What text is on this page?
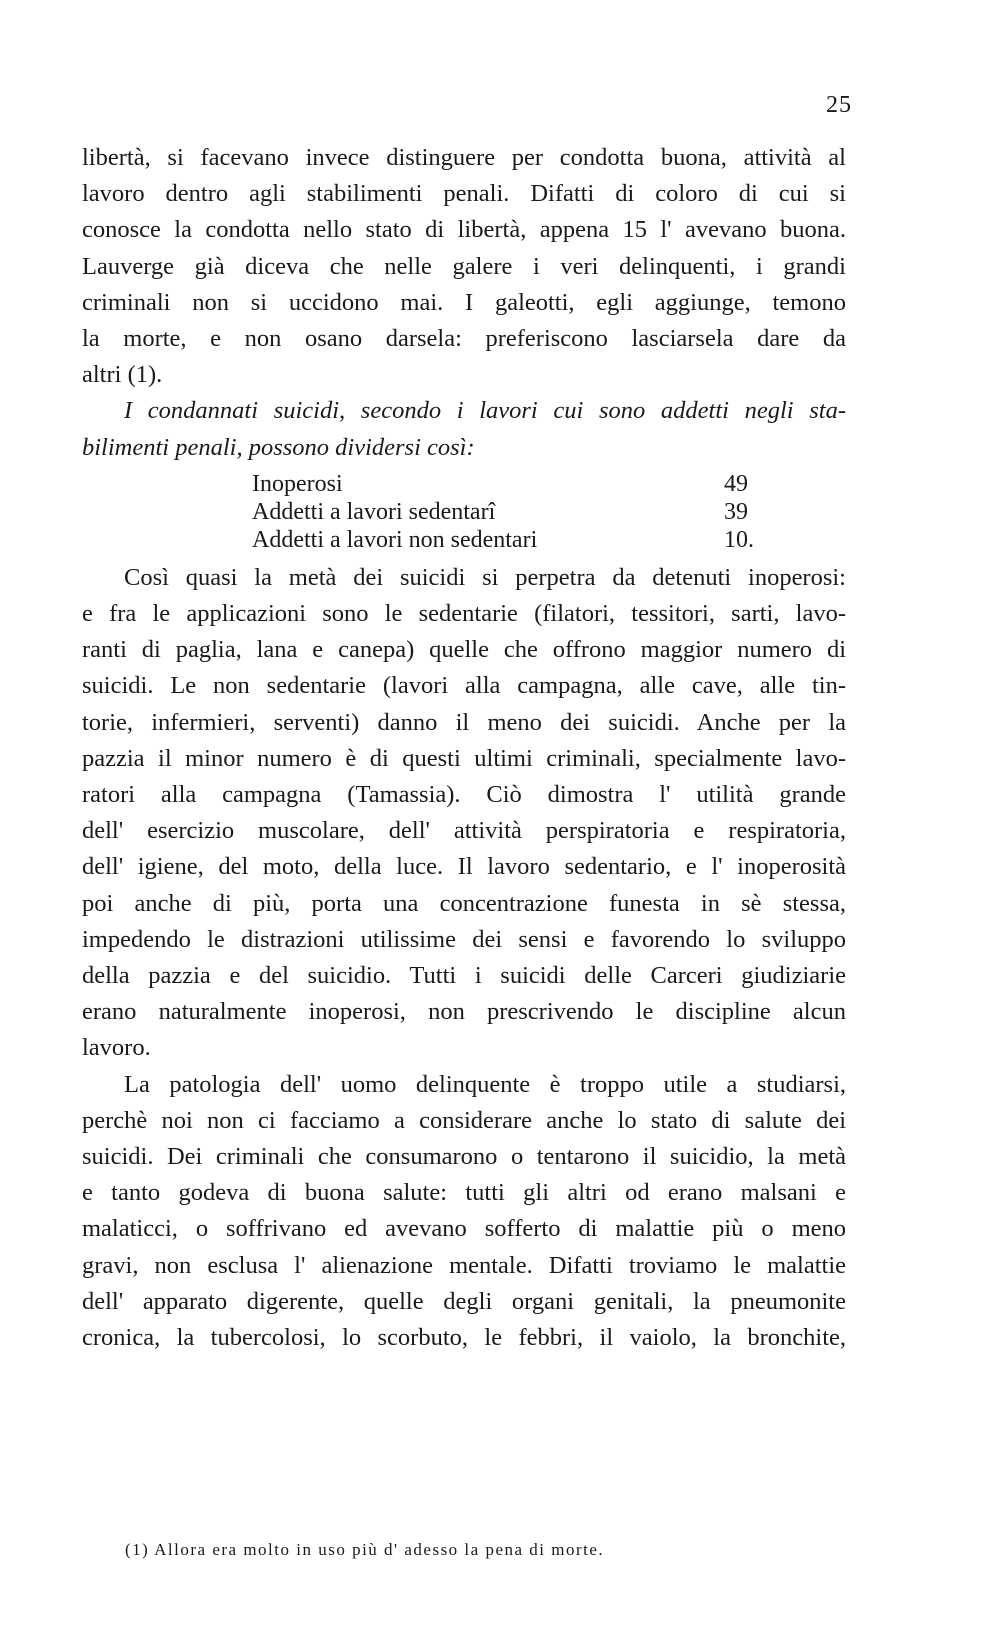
25
libertà, si facevano invece distinguere per condotta buona, attività al
lavoro dentro agli stabilimenti penali. Difatti di coloro di cui si
conosce la condotta nello stato di libertà, appena 15 l' avevano buona.
Lauverge già diceva che nelle galere i veri delinquenti, i grandi
criminali non si uccidono mai. I galeotti, egli aggiunge, temono
la morte, e non osano darsela: preferiscono lasciarsela dare da
altri (1).
I condannati suicidi, secondo i lavori cui sono addetti negli sta-
bilimenti penali, possono dividersi così:
Inoperosi	49
Addetti a lavori sedentarî	39
Addetti a lavori non sedentari	10.
Così quasi la metà dei suicidi si perpetra da detenuti inoperosi:
e fra le applicazioni sono le sedentarie (filatori, tessitori, sarti, lavo-
ranti di paglia, lana e canepa) quelle che offrono maggior numero di
suicidi. Le non sedentarie (lavori alla campagna, alle cave, alle tin-
torie, infermieri, serventi) danno il meno dei suicidi. Anche per la
pazzia il minor numero è di questi ultimi criminali, specialmente lavo-
ratori alla campagna (Tamassia). Ciò dimostra l' utilità grande
dell' esercizio muscolare, dell' attività perspiratoria e respiratoria,
dell' igiene, del moto, della luce. Il lavoro sedentario, e l' inoperosità
poi anche di più, porta una concentrazione funesta in sè stessa,
impedendo le distrazioni utilissime dei sensi e favorendo lo sviluppo
della pazzia e del suicidio. Tutti i suicidi delle Carceri giudiziarie
erano naturalmente inoperosi, non prescrivendo le discipline alcun
lavoro.
La patologia dell' uomo delinquente è troppo utile a studiarsi,
perchè noi non ci facciamo a considerare anche lo stato di salute dei
suicidi. Dei criminali che consumarono o tentarono il suicidio, la metà
e tanto godeva di buona salute: tutti gli altri od erano malsani e
malaticci, o soffrivano ed avevano sofferto di malattie più o meno
gravi, non esclusa l' alienazione mentale. Difatti troviamo le malattie
dell' apparato digerente, quelle degli organi genitali, la pneumonite
cronica, la tubercolosi, lo scorbuto, le febbri, il vaiolo, la bronchite,
(1) Allora era molto in uso più d' adesso la pena di morte.
